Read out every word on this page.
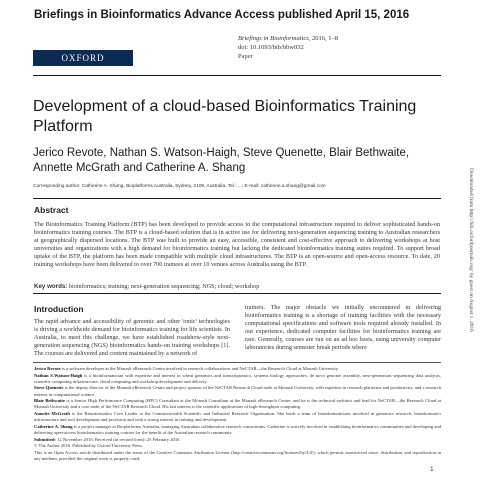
Briefings in Bioinformatics Advance Access published April 15, 2016
OXFORD
Briefings in Bioinformatics, 2016, 1–8
doi: 10.1093/bib/bbw032
Paper
Development of a cloud-based Bioinformatics Training Platform
Jerico Revote, Nathan S. Watson-Haigh, Steve Quenette, Blair Bethwaite, Annette McGrath and Catherine A. Shang
Corresponding author. Catherine A. Shang, Bioplatforms Australia, Sydney, 2109, Australia. Tel.: ...; E-mail: catherine.a.shang@gmail.com
Abstract
The Bioinformatics Training Platform (BTP) has been developed to provide access to the computational infrastructure required to deliver sophisticated hands-on bioinformatics training courses. The BTP is a cloud-based solution that is in active use for delivering next-generation sequencing training to Australian researchers at geographically dispersed locations. The BTP was built to provide an easy, accessible, consistent and cost-effective approach to delivering workshops at host universities and organizations with a high demand for bioinformatics training but lacking the dedicated bioinformatics training suites required. To support broad uptake of the BTP, the platform has been made compatible with multiple cloud infrastructures. The BTP is an open-source and open-access resource. To date, 20 training workshops have been delivered to over 700 trainees at over 10 venues across Australia using the BTP.
Key words: bioinformatics; training; next-generation sequencing; NGS; cloud; workshop
Introduction
The rapid advance and accessibility of genomic and other 'omic' technologies is driving a worldwide demand for bioinformatics training for life scientists. In Australia, to meet this challenge, we have established roadshow-style next-generation sequencing (NGS) bioinformatics hands-on training workshops [1]. The courses are delivered and content maintained by a network of
trainers. The major obstacle we initially encountered in delivering bioinformatics training is a shortage of training facilities with the necessary computational specifications and software tools required already installed. In our experience, dedicated computer facilities for bioinformatics training are rare. Generally, courses are run on an ad hoc basis, using university computer laboratories during semester break periods where

Jerico Revote is a software developer at the Monash eResearch Centre involved in research collaborations and NeCTAR—the Research Cloud at Monash University.

Nathan S.Watson-Haigh is a bioinformatician with expertise and interest in wheat genomics and transcriptomics, systems biology approaches, de novo genome assembly, next-generation sequencing data analysis, scientific computing infrastructure, cloud computing and workshop development and delivery.

Steve Quenette is the deputy director of the Monash eResearch Centre and project sponsor of the NeCTAR Research Cloud node at Monash University, with expertise in research platforms and productivity, and a research interest in computational science.

Blair Bethwaite is a Senior High Performance Computing (HPC) Consultant at the Monash Consultant at the Monash eResearch Centre, and he is the technical architect and lead for NeCTAR—the Research Cloud at Monash University and a core node of the NeCTAR Research Cloud. His last interest is the scientific applications of high-throughput computing.

Annette McGrath is the Bioinformatics Core Leader at the Commonwealth Scientific and Industrial Research Organisation. She leads a team of bioinformaticians involved in genomics research, bioinformatics infrastructure and tool development and provision and with a strong interest in training and development.

Catherine A. Shang is a project manager at Bioplatforms Australia, managing Australian collaborative research consortiums. Catherine is actively involved in establishing bioinformatics communities and developing and delivering open-access bioinformatics training courses for the benefit of the Australian research community.

Submitted: 12 November 2015; Received (in revised form): 25 February 2016

© The Author 2016. Published by Oxford University Press.

This is an Open Access article distributed under the terms of the Creative Commons Attribution License (http://creativecommons.org/licenses/by/4.0/), which permits unrestricted reuse, distribution, and reproduction in any medium, provided the original work is properly cited.

1
Downloaded from http://bib.oxfordjournals.org/ by guest on August 1, 2016
